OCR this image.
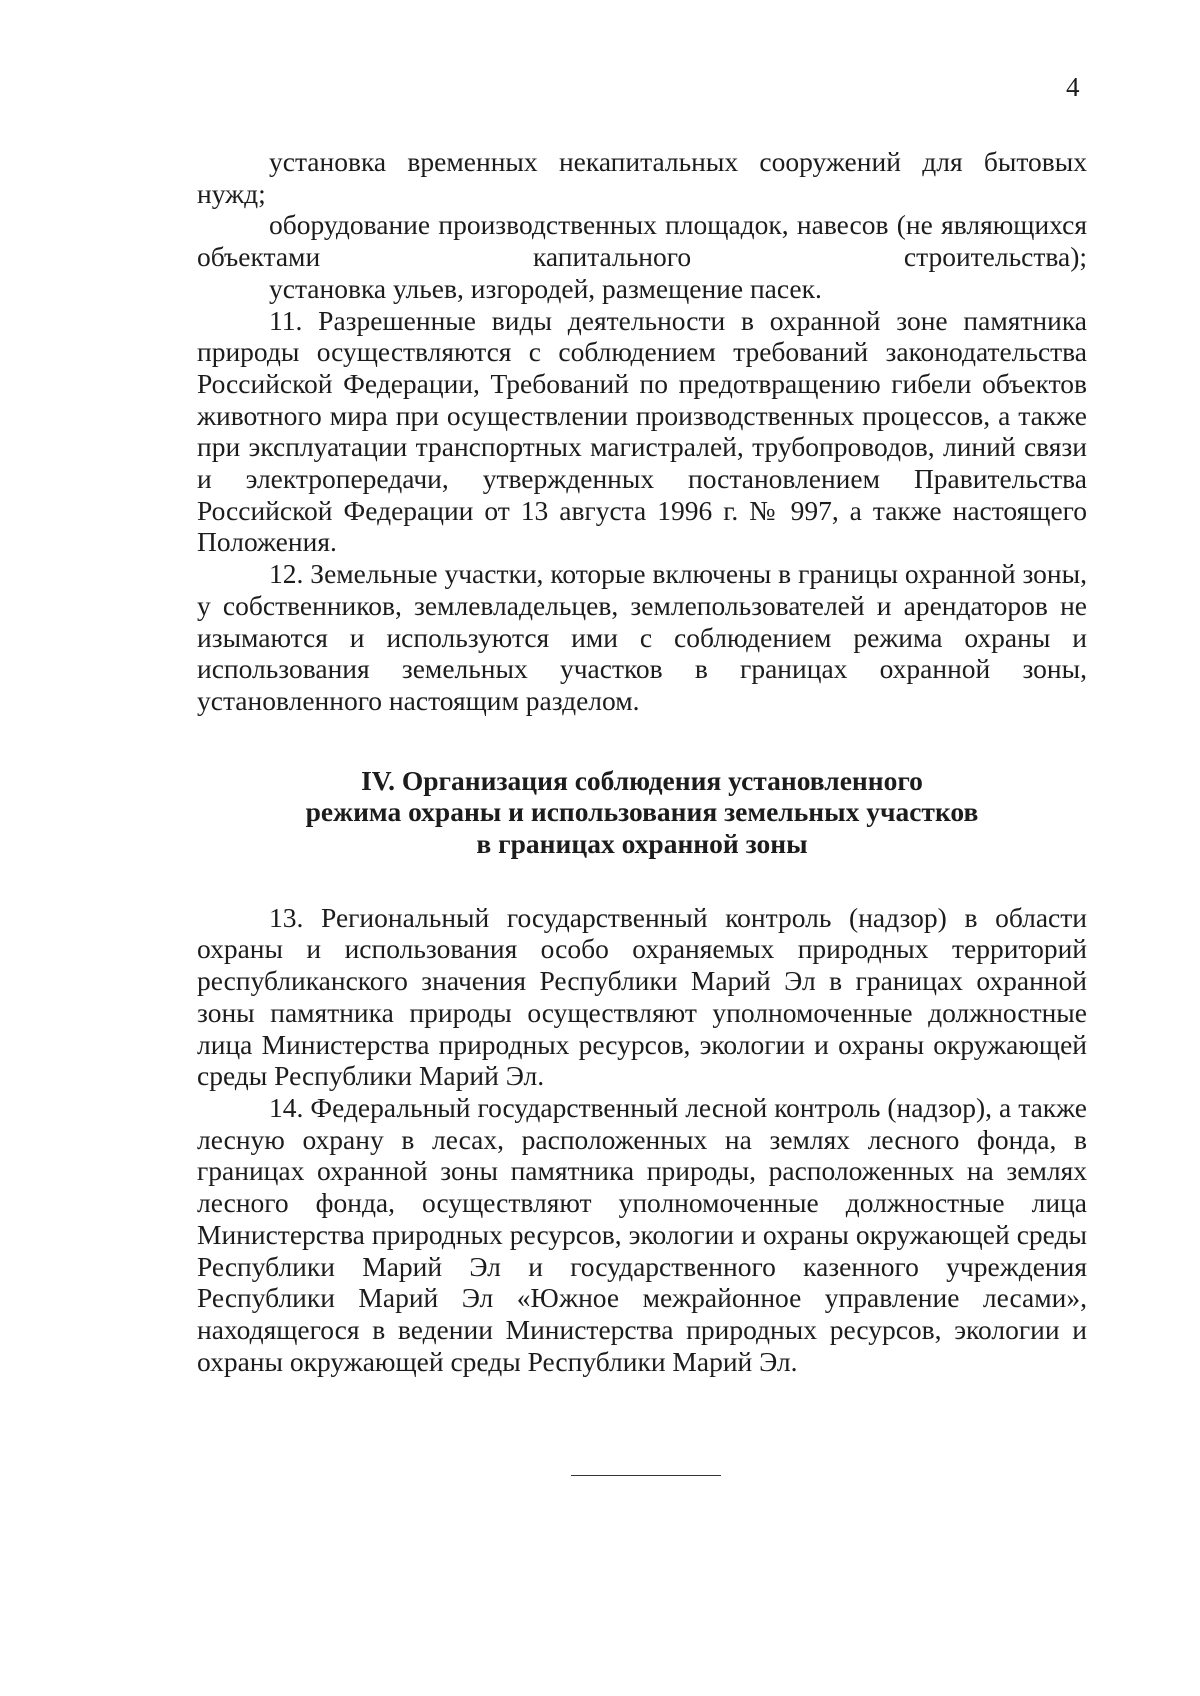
4

установка временных некапитальных сооружений для бытовых нужд;

оборудование производственных площадок, навесов (не являющихся объектами капитального строительства);

установка ульев, изгородей, размещение пасек.

11. Разрешенные виды деятельности в охранной зоне памятника природы осуществляются с соблюдением требований законодательства Российской Федерации, Требований по предотвращению гибели объектов животного мира при осуществлении производственных процессов, а также при эксплуатации транспортных магистралей, трубопроводов, линий связи и электропередачи, утвержденных постановлением Правительства Российской Федерации от 13 августа 1996 г. № 997, а также настоящего Положения.

12. Земельные участки, которые включены в границы охранной зоны, у собственников, землевладельцев, землепользователей и арендаторов не изымаются и используются ими с соблюдением режима охраны и использования земельных участков в границах охранной зоны, установленного настоящим разделом.

IV. Организация соблюдения установленного
режима охраны и использования земельных участков
в границах охранной зоны

13. Региональный государственный контроль (надзор) в области охраны и использования особо охраняемых природных территорий республиканского значения Республики Марий Эл в границах охранной зоны памятника природы осуществляют уполномоченные должностные лица Министерства природных ресурсов, экологии и охраны окружающей среды Республики Марий Эл.

14. Федеральный государственный лесной контроль (надзор), а также лесную охрану в лесах, расположенных на землях лесного фонда, в границах охранной зоны памятника природы, расположенных на землях лесного фонда, осуществляют уполномоченные должностные лица Министерства природных ресурсов, экологии и охраны окружающей среды Республики Марий Эл и государственного казенного учреждения Республики Марий Эл «Южное межрайонное управление лесами», находящегося в ведении Министерства природных ресурсов, экологии и охраны окружающей среды Республики Марий Эл.
